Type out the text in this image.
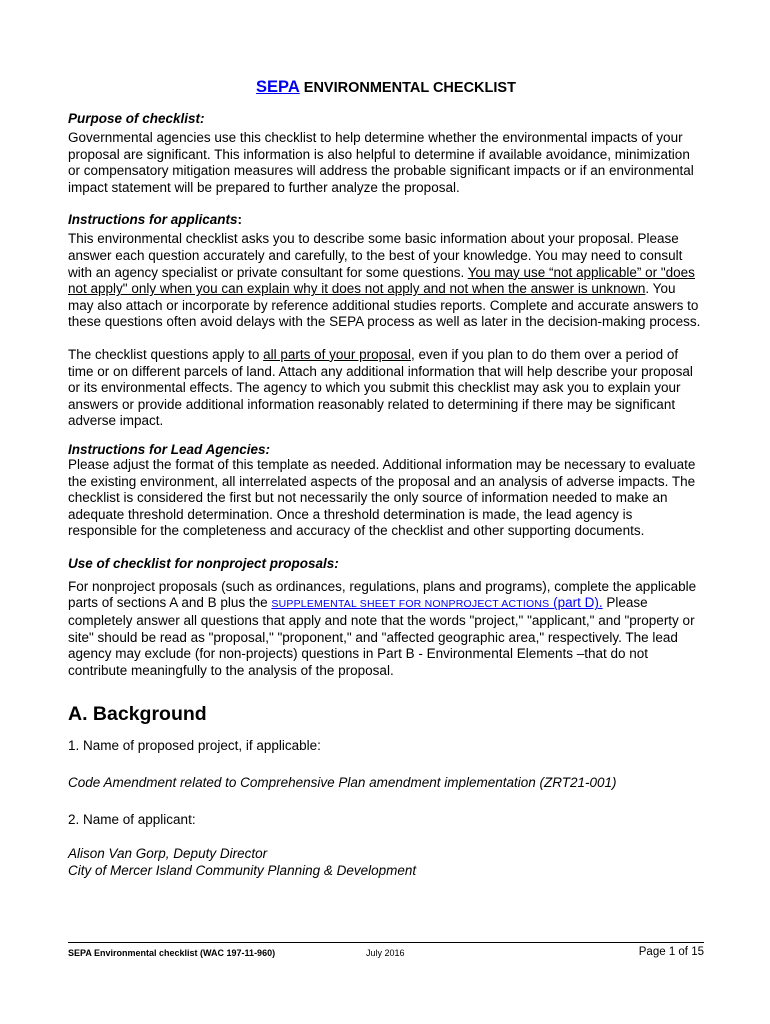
SEPA ENVIRONMENTAL CHECKLIST
Purpose of checklist:

Governmental agencies use this checklist to help determine whether the environmental impacts of your proposal are significant. This information is also helpful to determine if available avoidance, minimization or compensatory mitigation measures will address the probable significant impacts or if an environmental impact statement will be prepared to further analyze the proposal.

Instructions for applicants:

This environmental checklist asks you to describe some basic information about your proposal. Please answer each question accurately and carefully, to the best of your knowledge. You may need to consult with an agency specialist or private consultant for some questions. You may use “not applicable” or "does not apply" only when you can explain why it does not apply and not when the answer is unknown. You may also attach or incorporate by reference additional studies reports. Complete and accurate answers to these questions often avoid delays with the SEPA process as well as later in the decision-making process.

The checklist questions apply to all parts of your proposal, even if you plan to do them over a period of time or on different parcels of land. Attach any additional information that will help describe your proposal or its environmental effects. The agency to which you submit this checklist may ask you to explain your answers or provide additional information reasonably related to determining if there may be significant adverse impact.

Instructions for Lead Agencies:

Please adjust the format of this template as needed. Additional information may be necessary to evaluate the existing environment, all interrelated aspects of the proposal and an analysis of adverse impacts. The checklist is considered the first but not necessarily the only source of information needed to make an adequate threshold determination. Once a threshold determination is made, the lead agency is responsible for the completeness and accuracy of the checklist and other supporting documents.

Use of checklist for nonproject proposals:

For nonproject proposals (such as ordinances, regulations, plans and programs), complete the applicable parts of sections A and B plus the SUPPLEMENTAL SHEET FOR NONPROJECT ACTIONS (part D). Please completely answer all questions that apply and note that the words "project," "applicant," and "property or site" should be read as "proposal," "proponent," and "affected geographic area," respectively. The lead agency may exclude (for non-projects) questions in Part B - Environmental Elements –that do not contribute meaningfully to the analysis of the proposal.

A. Background

1. Name of proposed project, if applicable:

Code Amendment related to Comprehensive Plan amendment implementation (ZRT21-001)

2. Name of applicant:

Alison Van Gorp, Deputy Director

City of Mercer Island Community Planning & Development

SEPA Environmental checklist (WAC 197-11-960)	July 2016	Page 1 of 15
